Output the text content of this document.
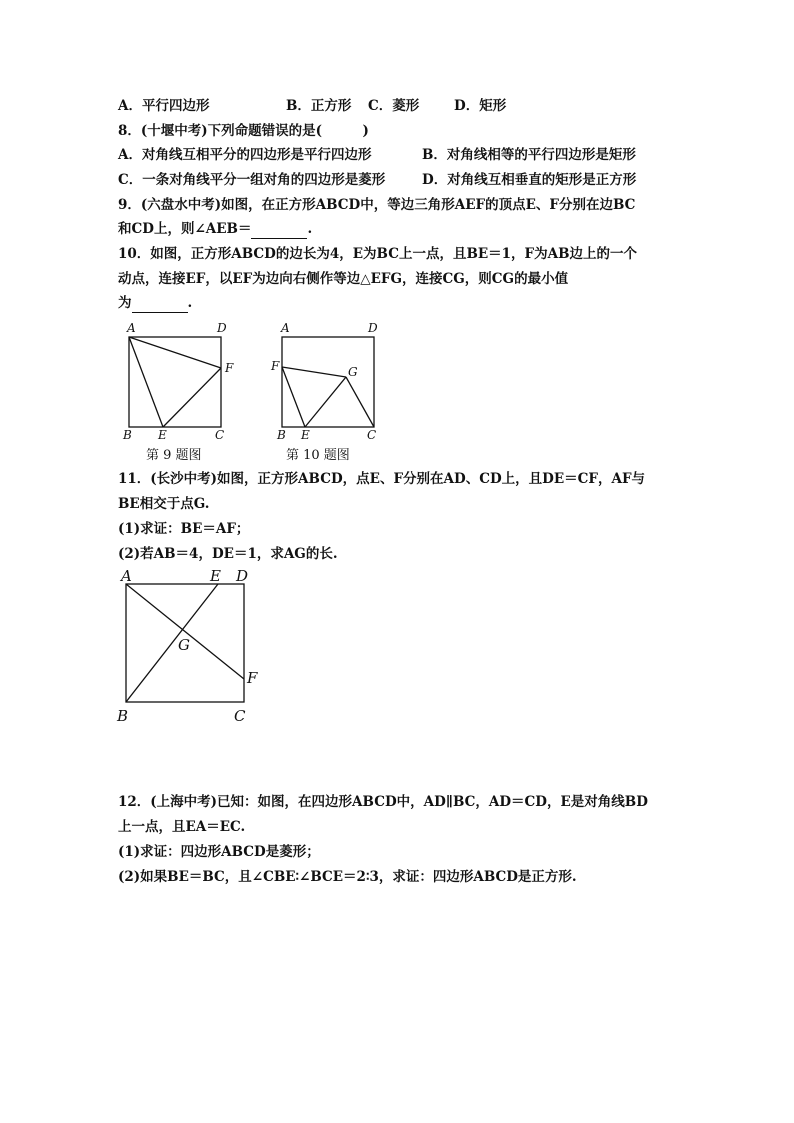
A．平行四边形	B．正方形 C．菱形	D．矩形
8．(十堰中考)下列命题错误的是(　　　)
A．对角线互相平分的四边形是平行四边形	B．对角线相等的平行四边形是矩形
C．一条对角线平分一组对角的四边形是菱形	D．对角线互相垂直的矩形是正方形
9．(六盘水中考)如图，在正方形ABCD中，等边三角形AEF的顶点E、F分别在边BC
和CD上，则∠AEB＝	.
10．如图，正方形ABCD的边长为4，E为BC上一点，且BE＝1，F为AB边上的一个
动点，连接EF，以EF为边向右侧作等边△EFG，连接CG，则CG的最小值
为	.
A	D
F
B E	C
第 9 题图
A	D
F	G
B E	C
第 10 题图
11．(长沙中考)如图，正方形ABCD，点E、F分别在AD、CD上，且DE＝CF，AF与
BE相交于点G.
(1)求证：BE＝AF；
(2)若AB＝4，DE＝1，求AG的长.
A	E D
G
F
B	C
12．(上海中考)已知：如图，在四边形ABCD中，AD∥BC，AD＝CD，E是对角线BD
上一点，且EA＝EC.
(1)求证：四边形ABCD是菱形；
(2)如果BE＝BC，且∠CBE∶∠BCE＝2∶3，求证：四边形ABCD是正方形.
